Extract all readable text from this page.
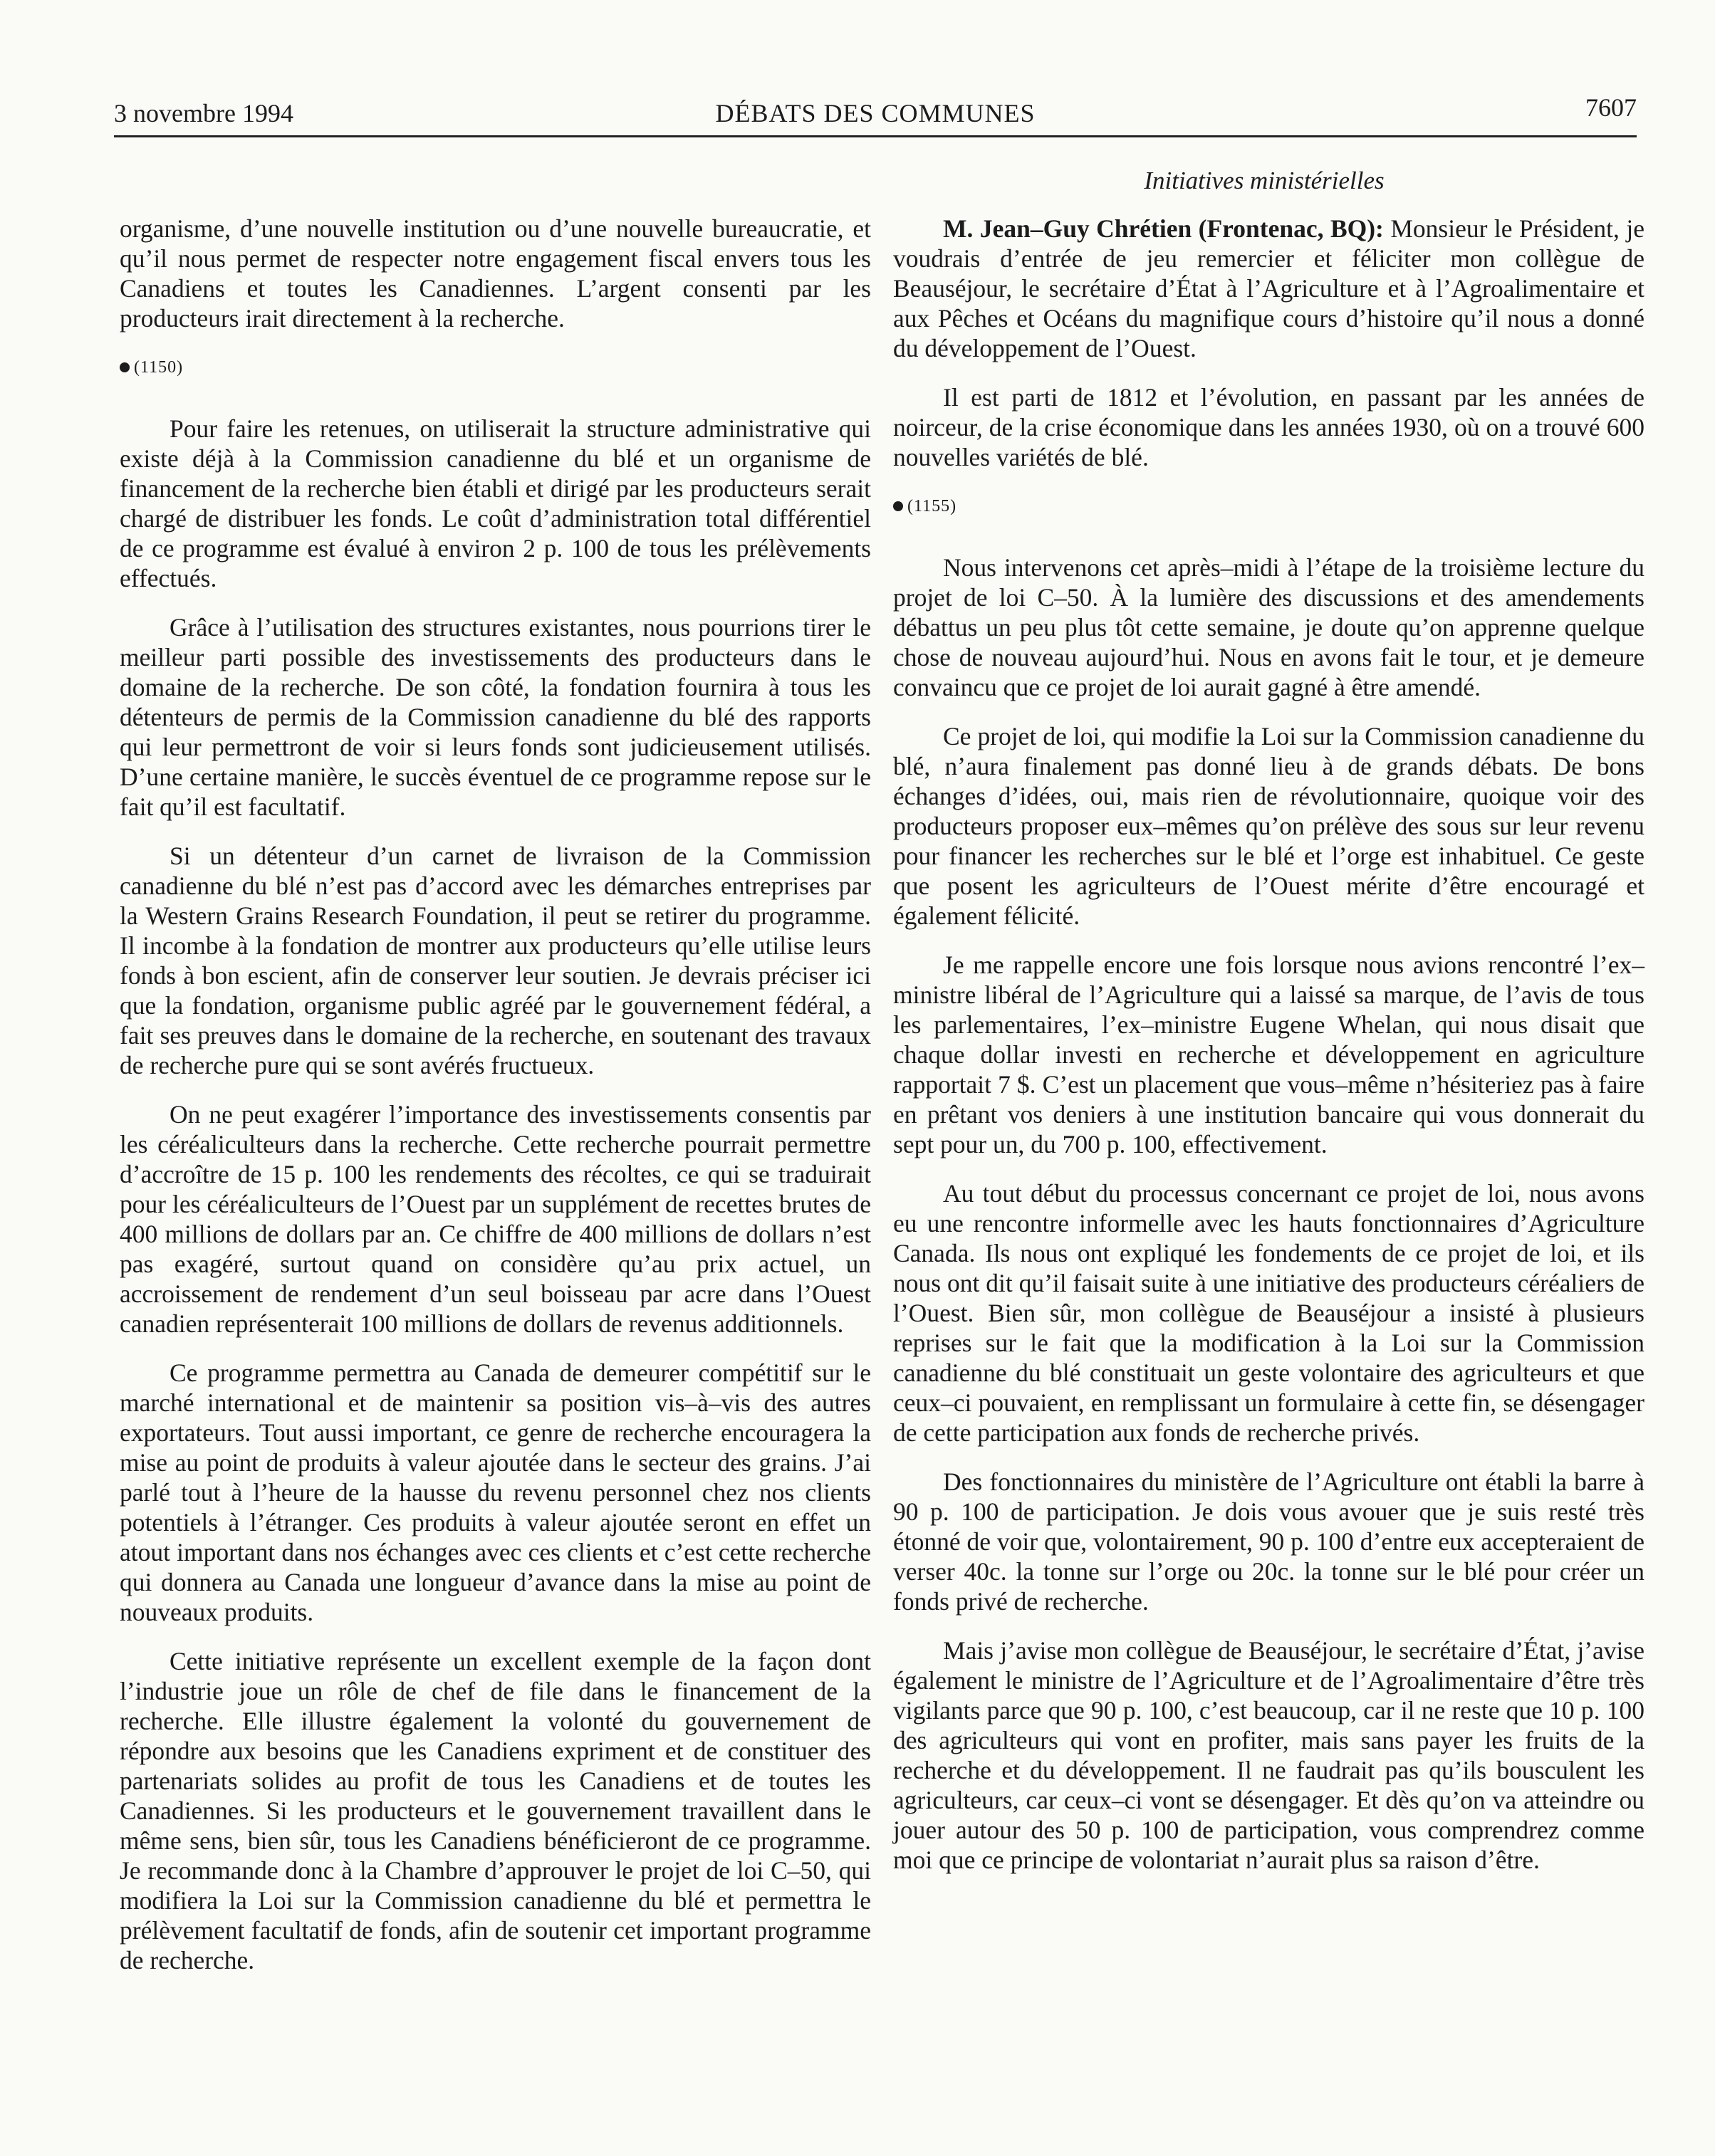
3 novembre 1994	DÉBATS DES COMMUNES	7607
Initiatives ministérielles

organisme, d’une nouvelle institution ou d’une nouvelle bureaucratie, et qu’il nous permet de respecter notre engagement fiscal envers tous les Canadiens et toutes les Canadiennes. L’argent consenti par les producteurs irait directement à la recherche.

(1150)

Pour faire les retenues, on utiliserait la structure administrative qui existe déjà à la Commission canadienne du blé et un organisme de financement de la recherche bien établi et dirigé par les producteurs serait chargé de distribuer les fonds. Le coût d’administration total différentiel de ce programme est évalué à environ 2 p. 100 de tous les prélèvements effectués.

Grâce à l’utilisation des structures existantes, nous pourrions tirer le meilleur parti possible des investissements des producteurs dans le domaine de la recherche. De son côté, la fondation fournira à tous les détenteurs de permis de la Commission canadienne du blé des rapports qui leur permettront de voir si leurs fonds sont judicieusement utilisés. D’une certaine manière, le succès éventuel de ce programme repose sur le fait qu’il est facultatif.

Si un détenteur d’un carnet de livraison de la Commission canadienne du blé n’est pas d’accord avec les démarches entreprises par la Western Grains Research Foundation, il peut se retirer du programme. Il incombe à la fondation de montrer aux producteurs qu’elle utilise leurs fonds à bon escient, afin de conserver leur soutien. Je devrais préciser ici que la fondation, organisme public agréé par le gouvernement fédéral, a fait ses preuves dans le domaine de la recherche, en soutenant des travaux de recherche pure qui se sont avérés fructueux.

On ne peut exagérer l’importance des investissements consentis par les céréaliculteurs dans la recherche. Cette recherche pourrait permettre d’accroître de 15 p. 100 les rendements des récoltes, ce qui se traduirait pour les céréaliculteurs de l’Ouest par un supplément de recettes brutes de 400 millions de dollars par an. Ce chiffre de 400 millions de dollars n’est pas exagéré, surtout quand on considère qu’au prix actuel, un accroissement de rendement d’un seul boisseau par acre dans l’Ouest canadien représenterait 100 millions de dollars de revenus additionnels.

Ce programme permettra au Canada de demeurer compétitif sur le marché international et de maintenir sa position vis–à–vis des autres exportateurs. Tout aussi important, ce genre de recherche encouragera la mise au point de produits à valeur ajoutée dans le secteur des grains. J’ai parlé tout à l’heure de la hausse du revenu personnel chez nos clients potentiels à l’étranger. Ces produits à valeur ajoutée seront en effet un atout important dans nos échanges avec ces clients et c’est cette recherche qui donnera au Canada une longueur d’avance dans la mise au point de nouveaux produits.

Cette initiative représente un excellent exemple de la façon dont l’industrie joue un rôle de chef de file dans le financement de la recherche. Elle illustre également la volonté du gouvernement de répondre aux besoins que les Canadiens expriment et de constituer des partenariats solides au profit de tous les Canadiens et de toutes les Canadiennes. Si les producteurs et le gouvernement travaillent dans le même sens, bien sûr, tous les Canadiens bénéficieront de ce programme. Je recommande donc à la Chambre d’approuver le projet de loi C–50, qui modifiera la Loi sur la Commission canadienne du blé et permettra le prélèvement facultatif de fonds, afin de soutenir cet important programme de recherche.

M. Jean–Guy Chrétien (Frontenac, BQ): Monsieur le Président, je voudrais d’entrée de jeu remercier et féliciter mon collègue de Beauséjour, le secrétaire d’État à l’Agriculture et à l’Agroalimentaire et aux Pêches et Océans du magnifique cours d’histoire qu’il nous a donné du développement de l’Ouest.

Il est parti de 1812 et l’évolution, en passant par les années de noirceur, de la crise économique dans les années 1930, où on a trouvé 600 nouvelles variétés de blé.

(1155)

Nous intervenons cet après–midi à l’étape de la troisième lecture du projet de loi C–50. À la lumière des discussions et des amendements débattus un peu plus tôt cette semaine, je doute qu’on apprenne quelque chose de nouveau aujourd’hui. Nous en avons fait le tour, et je demeure convaincu que ce projet de loi aurait gagné à être amendé.

Ce projet de loi, qui modifie la Loi sur la Commission canadienne du blé, n’aura finalement pas donné lieu à de grands débats. De bons échanges d’idées, oui, mais rien de révolutionnaire, quoique voir des producteurs proposer eux–mêmes qu’on prélève des sous sur leur revenu pour financer les recherches sur le blé et l’orge est inhabituel. Ce geste que posent les agriculteurs de l’Ouest mérite d’être encouragé et également félicité.

Je me rappelle encore une fois lorsque nous avions rencontré l’ex–ministre libéral de l’Agriculture qui a laissé sa marque, de l’avis de tous les parlementaires, l’ex–ministre Eugene Whelan, qui nous disait que chaque dollar investi en recherche et développement en agriculture rapportait 7 $. C’est un placement que vous–même n’hésiteriez pas à faire en prêtant vos deniers à une institution bancaire qui vous donnerait du sept pour un, du 700 p. 100, effectivement.

Au tout début du processus concernant ce projet de loi, nous avons eu une rencontre informelle avec les hauts fonctionnaires d’Agriculture Canada. Ils nous ont expliqué les fondements de ce projet de loi, et ils nous ont dit qu’il faisait suite à une initiative des producteurs céréaliers de l’Ouest. Bien sûr, mon collègue de Beauséjour a insisté à plusieurs reprises sur le fait que la modification à la Loi sur la Commission canadienne du blé constituait un geste volontaire des agriculteurs et que ceux–ci pouvaient, en remplissant un formulaire à cette fin, se désengager de cette participation aux fonds de recherche privés.

Des fonctionnaires du ministère de l’Agriculture ont établi la barre à 90 p. 100 de participation. Je dois vous avouer que je suis resté très étonné de voir que, volontairement, 90 p. 100 d’entre eux accepteraient de verser 40c. la tonne sur l’orge ou 20c. la tonne sur le blé pour créer un fonds privé de recherche.

Mais j’avise mon collègue de Beauséjour, le secrétaire d’État, j’avise également le ministre de l’Agriculture et de l’Agroalimentaire d’être très vigilants parce que 90 p. 100, c’est beaucoup, car il ne reste que 10 p. 100 des agriculteurs qui vont en profiter, mais sans payer les fruits de la recherche et du développement. Il ne faudrait pas qu’ils bousculent les agriculteurs, car ceux–ci vont se désengager. Et dès qu’on va atteindre ou jouer autour des 50 p. 100 de participation, vous comprendrez comme moi que ce principe de volontariat n’aurait plus sa raison d’être.
